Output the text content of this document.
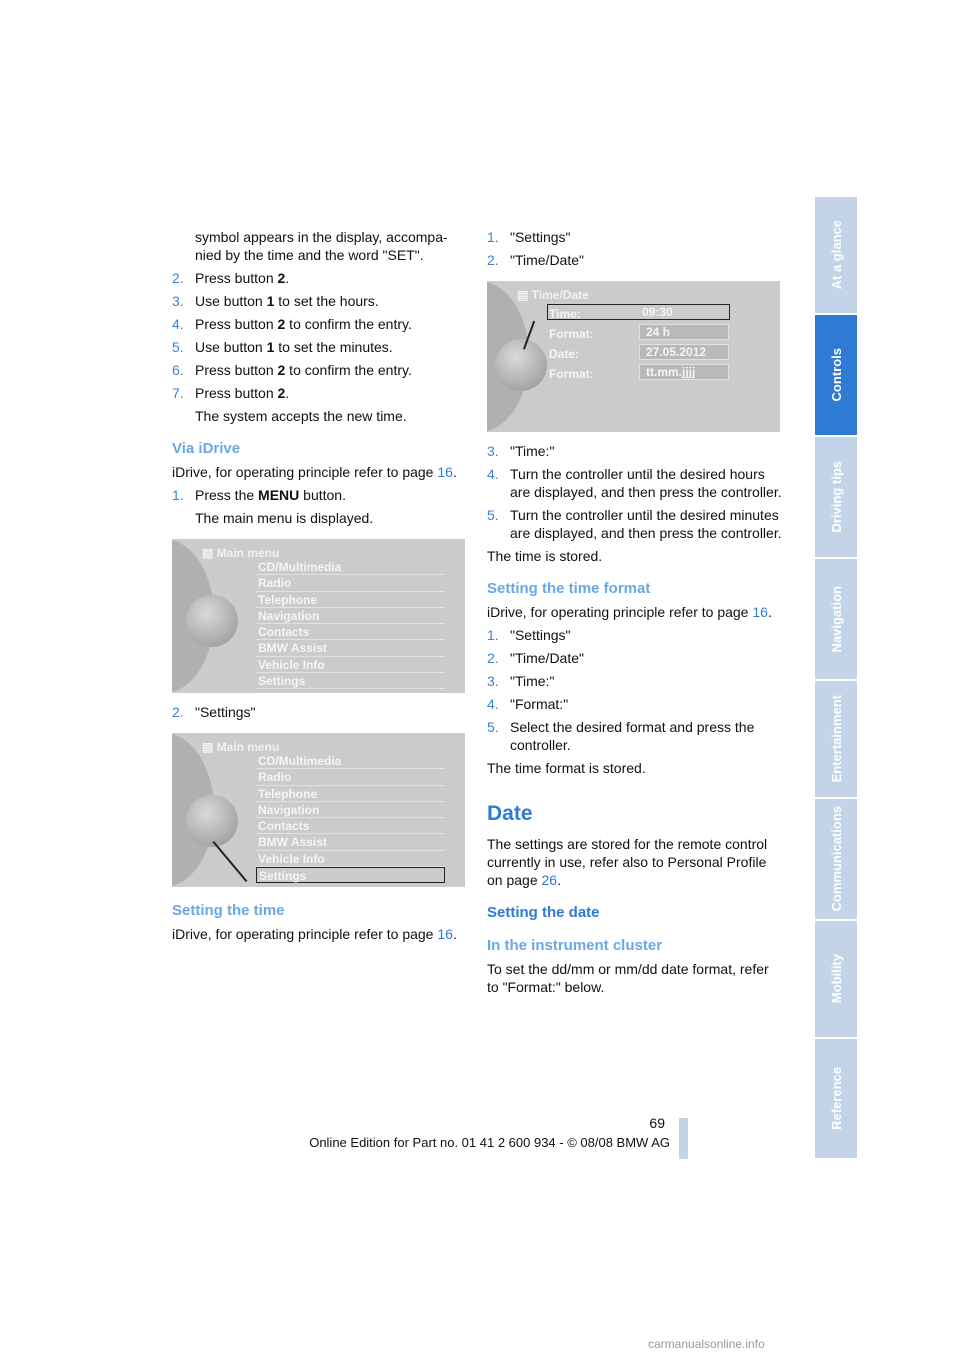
symbol appears in the display, accompa-nied by the time and the word "SET".

2. Press button 2.
3. Use button 1 to set the hours.
4. Press button 2 to confirm the entry.
5. Use button 1 to set the minutes.
6. Press button 2 to confirm the entry.
7. Press button 2.

The system accepts the new time.

Via iDrive

iDrive, for operating principle refer to page 16.

1. Press the MENU button.

The main menu is displayed.

▤ Main menu
CD/Multimedia
Radio
Telephone
Navigation
Contacts
BMW Assist
Vehicle Info
Settings
2. "Settings"
▤ Main menu
CD/Multimedia
Radio
Telephone
Navigation
Contacts
BMW Assist
Vehicle Info
Settings
Setting the time

iDrive, for operating principle refer to page 16.

1. "Settings"
2. "Time/Date"
▤ Time/Date
Time:	09:30
Format:	24 h
Date:	27.05.2012
Format:	tt.mm.jjjj
3. "Time:"
4. Turn the controller until the desired hours are displayed, and then press the controller.
5. Turn the controller until the desired minutes are displayed, and then press the controller.

The time is stored.

Setting the time format

iDrive, for operating principle refer to page 16.

1. "Settings"
2. "Time/Date"
3. "Time:"
4. "Format:"
5. Select the desired format and press the controller.

The time format is stored.

Date

The settings are stored for the remote control currently in use, refer also to Personal Profile on page 26.

Setting the date
In the instrument cluster

To set the dd/mm or mm/dd date format, refer to "Format:" below.

At a glance
Controls
Driving tips
Navigation
Entertainment
Communications
Mobility
Reference
69
Online Edition for Part no. 01 41 2 600 934 - © 08/08 BMW AG
carmanualsonline.info
